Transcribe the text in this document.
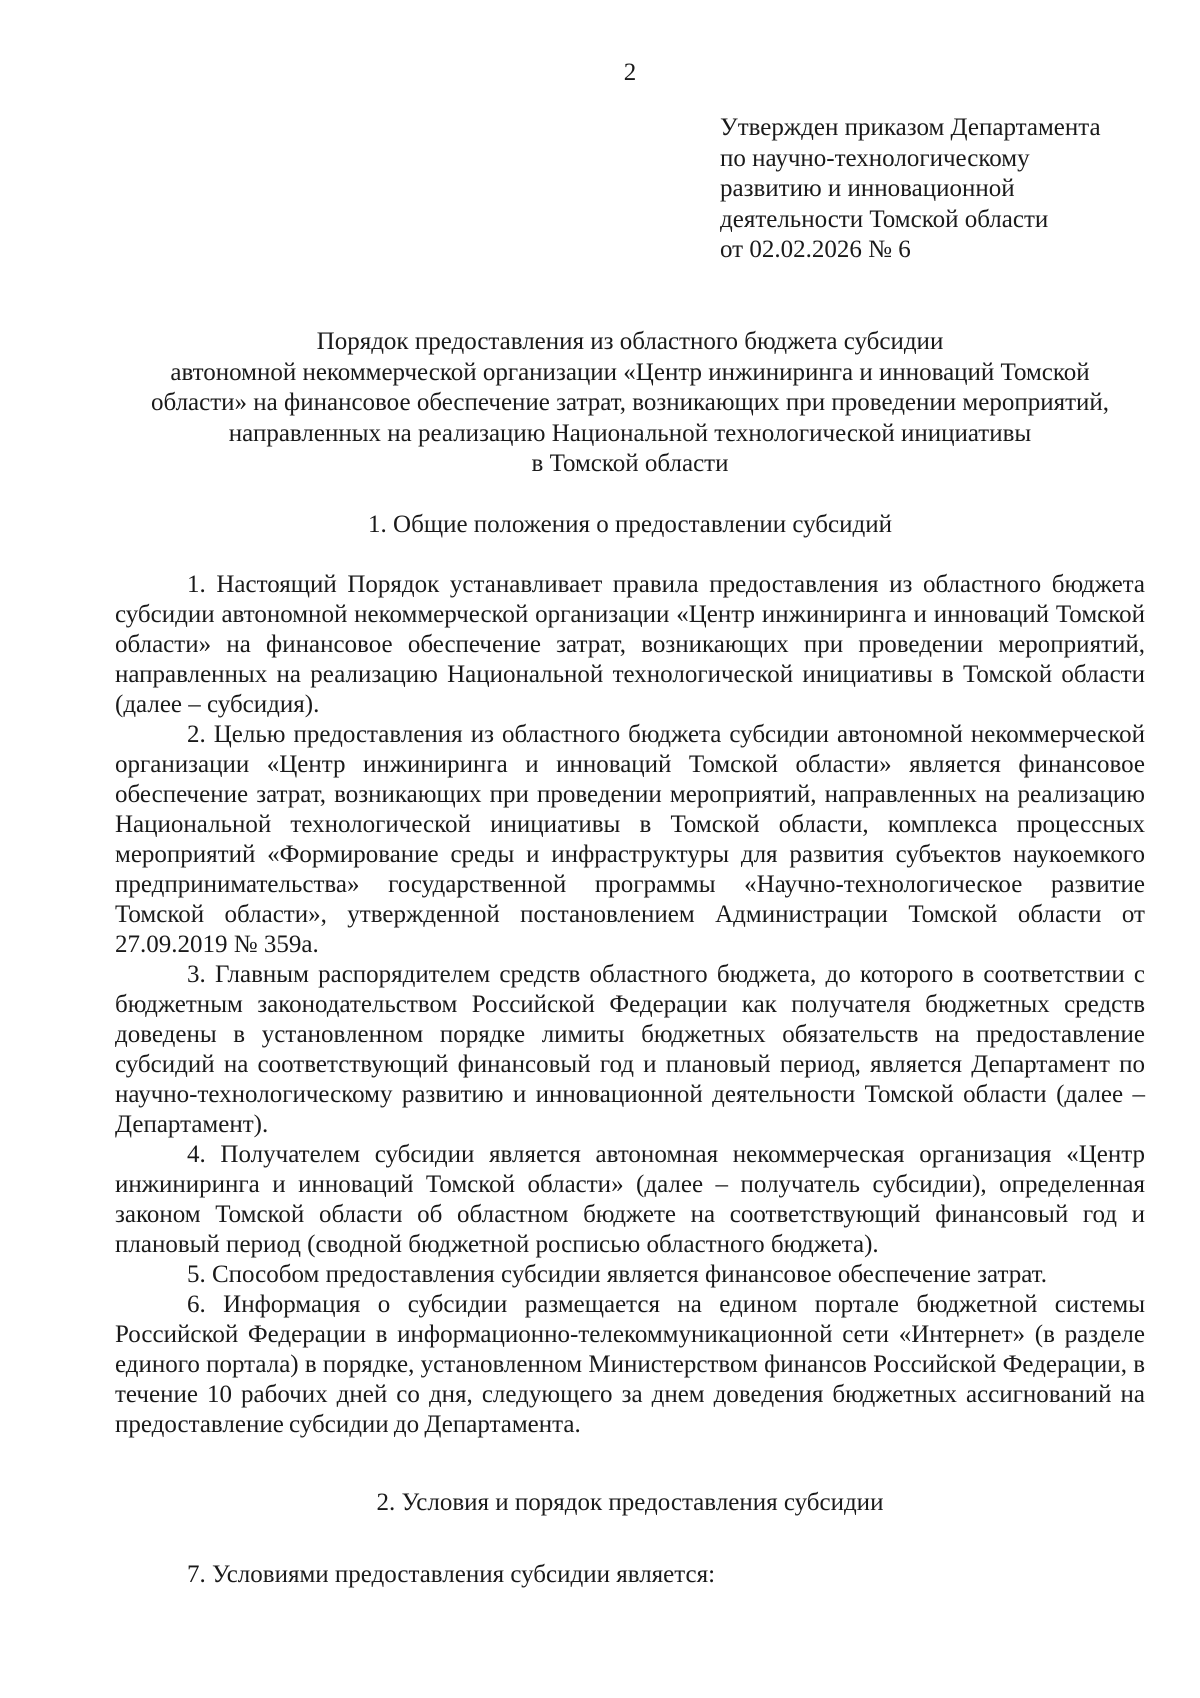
2
Утвержден приказом Департамента
по научно-технологическому
развитию и инновационной
деятельности Томской области
от 02.02.2026 № 6
Порядок предоставления из областного бюджета субсидии
автономной некоммерческой организации «Центр инжиниринга и инноваций Томской
области» на финансовое обеспечение затрат, возникающих при проведении мероприятий,
направленных на реализацию Национальной технологической инициативы
в Томской области
1. Общие положения о предоставлении субсидий

1. Настоящий Порядок устанавливает правила предоставления из областного бюджета субсидии автономной некоммерческой организации «Центр инжиниринга и инноваций Томской области» на финансовое обеспечение затрат, возникающих при проведении мероприятий, направленных на реализацию Национальной технологической инициативы в Томской области (далее – субсидия).

2. Целью предоставления из областного бюджета субсидии автономной некоммерческой организации «Центр инжиниринга и инноваций Томской области» является финансовое обеспечение затрат, возникающих при проведении мероприятий, направленных на реализацию Национальной технологической инициативы в Томской области, комплекса процессных мероприятий «Формирование среды и инфраструктуры для развития субъектов наукоемкого предпринимательства» государственной программы «Научно-технологическое развитие Томской области», утвержденной постановлением Администрации Томской области от 27.09.2019 № 359а.

3. Главным распорядителем средств областного бюджета, до которого в соответствии с бюджетным законодательством Российской Федерации как получателя бюджетных средств доведены в установленном порядке лимиты бюджетных обязательств на предоставление субсидий на соответствующий финансовый год и плановый период, является Департамент по научно-технологическому развитию и инновационной деятельности Томской области (далее – Департамент).

4. Получателем субсидии является автономная некоммерческая организация «Центр инжиниринга и инноваций Томской области» (далее – получатель субсидии), определенная законом Томской области об областном бюджете на соответствующий финансовый год и плановый период (сводной бюджетной росписью областного бюджета).

5. Способом предоставления субсидии является финансовое обеспечение затрат.

6. Информация о субсидии размещается на едином портале бюджетной системы Российской Федерации в информационно-телекоммуникационной сети «Интернет» (в разделе единого портала) в порядке, установленном Министерством финансов Российской Федерации, в течение 10 рабочих дней со дня, следующего за днем доведения бюджетных ассигнований на предоставление субсидии до Департамента.

2. Условия и порядок предоставления субсидии
7. Условиями предоставления субсидии является:
